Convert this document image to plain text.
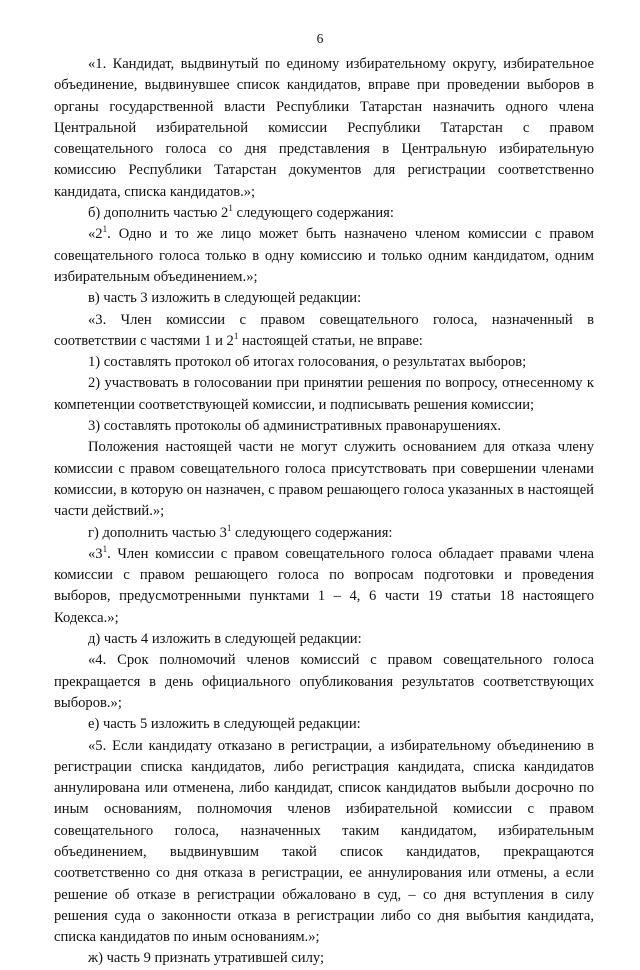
6

«1. Кандидат, выдвинутый по единому избирательному округу, избирательное объединение, выдвинувшее список кандидатов, вправе при проведении выборов в органы государственной власти Республики Татарстан назначить одного члена Центральной избирательной комиссии Республики Татарстан с правом совещательного голоса со дня представления в Центральную избирательную комиссию Республики Татарстан документов для регистрации соответственно кандидата, списка кандидатов.»;

б) дополнить частью $2^1$ следующего содержания:

«$2^1$. Одно и то же лицо может быть назначено членом комиссии с правом совещательного голоса только в одну комиссию и только одним кандидатом, одним избирательным объединением.»;

в) часть 3 изложить в следующей редакции:

«3. Член комиссии с правом совещательного голоса, назначенный в соответствии с частями 1 и $2^1$ настоящей статьи, не вправе:

1) составлять протокол об итогах голосования, о результатах выборов;

2) участвовать в голосовании при принятии решения по вопросу, отнесенному к компетенции соответствующей комиссии, и подписывать решения комиссии;

3) составлять протоколы об административных правонарушениях.

Положения настоящей части не могут служить основанием для отказа члену комиссии с правом совещательного голоса присутствовать при совершении членами комиссии, в которую он назначен, с правом решающего голоса указанных в настоящей части действий.»;

г) дополнить частью $3^1$ следующего содержания:

«$3^1$. Член комиссии с правом совещательного голоса обладает правами члена комиссии с правом решающего голоса по вопросам подготовки и проведения выборов, предусмотренными пунктами 1 – 4, 6 части 19 статьи 18 настоящего Кодекса.»;

д) часть 4 изложить в следующей редакции:

«4. Срок полномочий членов комиссий с правом совещательного голоса прекращается в день официального опубликования результатов соответствующих выборов.»;

е) часть 5 изложить в следующей редакции:

«5. Если кандидату отказано в регистрации, а избирательному объединению в регистрации списка кандидатов, либо регистрация кандидата, списка кандидатов аннулирована или отменена, либо кандидат, список кандидатов выбыли досрочно по иным основаниям, полномочия членов избирательной комиссии с правом совещательного голоса, назначенных таким кандидатом, избирательным объединением, выдвинувшим такой список кандидатов, прекращаются соответственно со дня отказа в регистрации, ее аннулирования или отмены, а если решение об отказе в регистрации обжаловано в суд, – со дня вступления в силу решения суда о законности отказа в регистрации либо со дня выбытия кандидата, списка кандидатов по иным основаниям.»;

ж) часть 9 признать утратившей силу;
